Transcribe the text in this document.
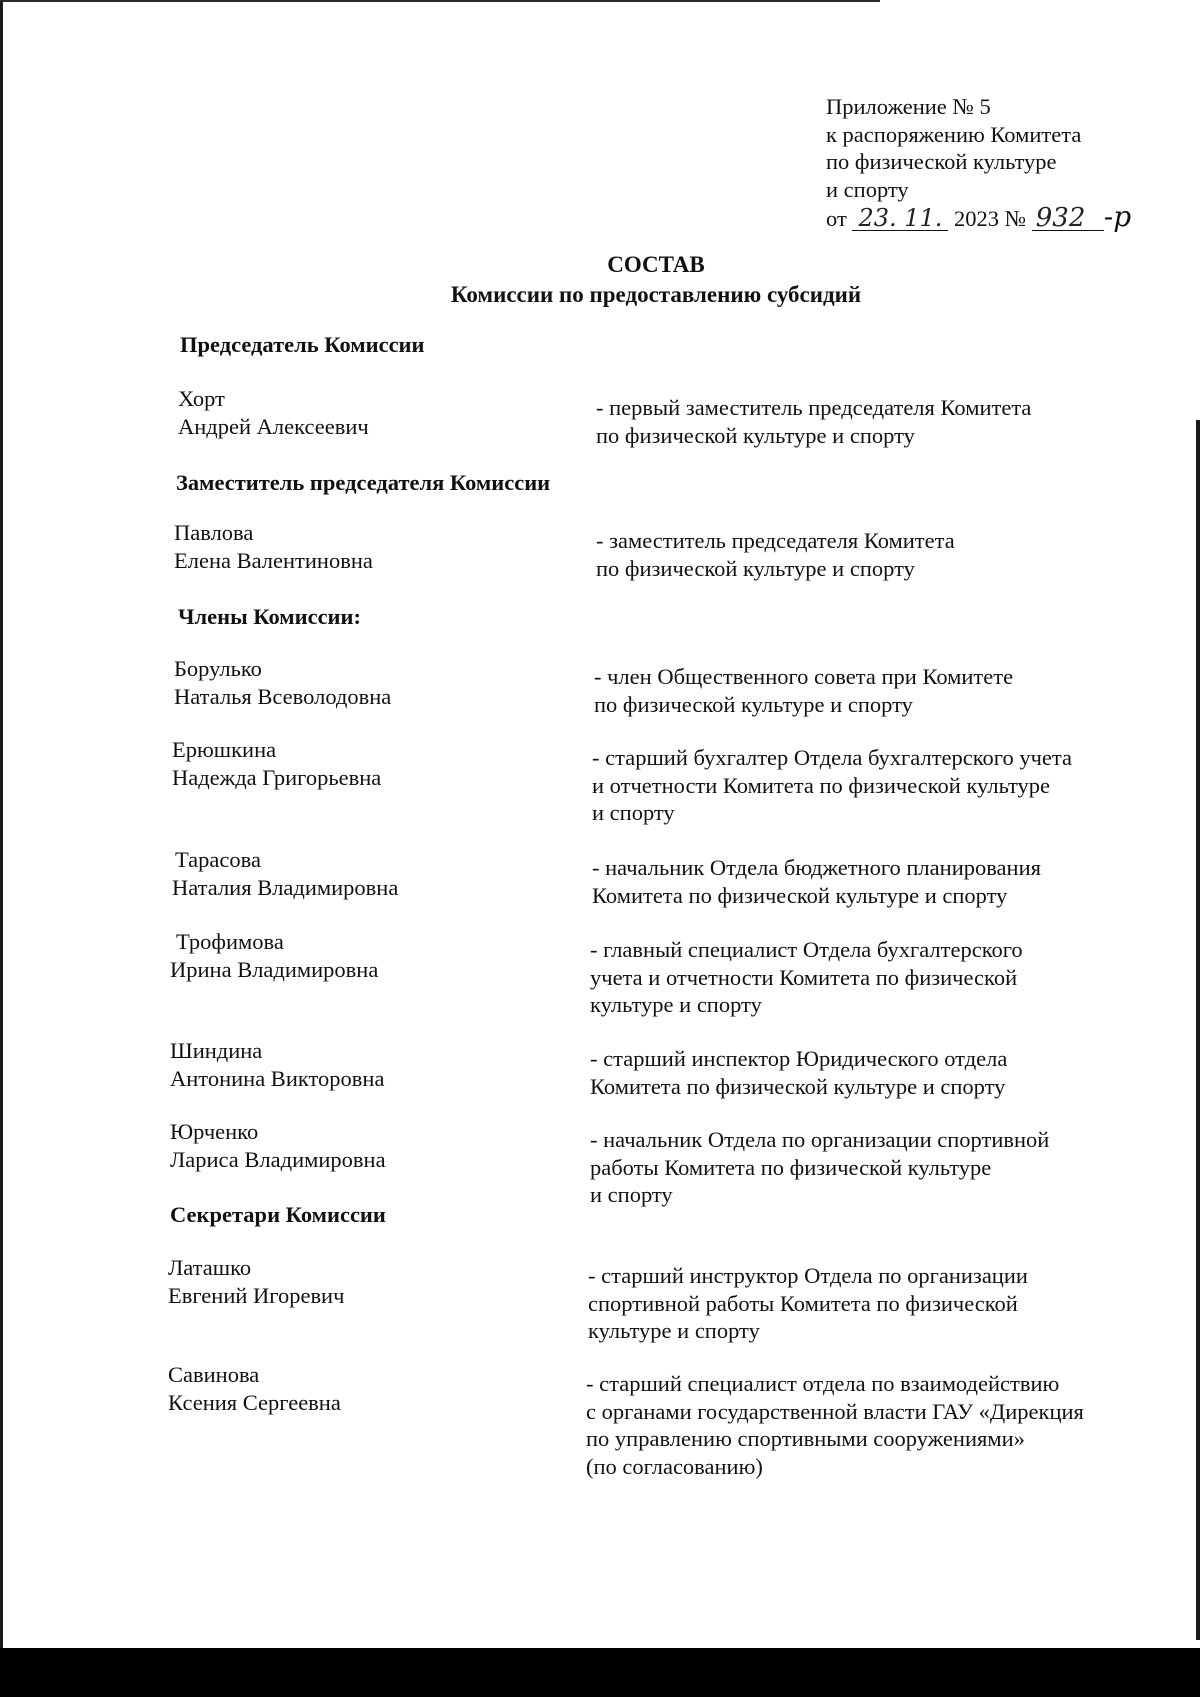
Приложение № 5
к распоряжению Комитета
по физической культуре
и спорту
от 23. 11. 2023 № 932 -р
СОСТАВ
Комиссии по предоставлению субсидий
Председатель Комиссии
Заместитель председателя Комиссии
Члены Комиссии:
Секретари Комиссии
Хорт
Андрей Алексеевич
- первый заместитель председателя Комитета
по физической культуре и спорту
Павлова
Елена Валентиновна
- заместитель председателя Комитета
по физической культуре и спорту
Борулько
Наталья Всеволодовна
- член Общественного совета при Комитете
по физической культуре и спорту
Ерюшкина
Надежда Григорьевна
- старший бухгалтер Отдела бухгалтерского учета
и отчетности Комитета по физической культуре
и спорту
Тарасова
Наталия Владимировна
- начальник Отдела бюджетного планирования
Комитета по физической культуре и спорту
Трофимова
Ирина Владимировна
- главный специалист Отдела бухгалтерского
учета и отчетности Комитета по физической
культуре и спорту
Шиндина
Антонина Викторовна
- старший инспектор Юридического отдела
Комитета по физической культуре и спорту
Юрченко
Лариса Владимировна
- начальник Отдела по организации спортивной
работы Комитета по физической культуре
и спорту
Латашко
Евгений Игоревич
- старший инструктор Отдела по организации
спортивной работы Комитета по физической
культуре и спорту
Савинова
Ксения Сергеевна
- старший специалист отдела по взаимодействию
с органами государственной власти ГАУ «Дирекция
по управлению спортивными сооружениями»
(по согласованию)
